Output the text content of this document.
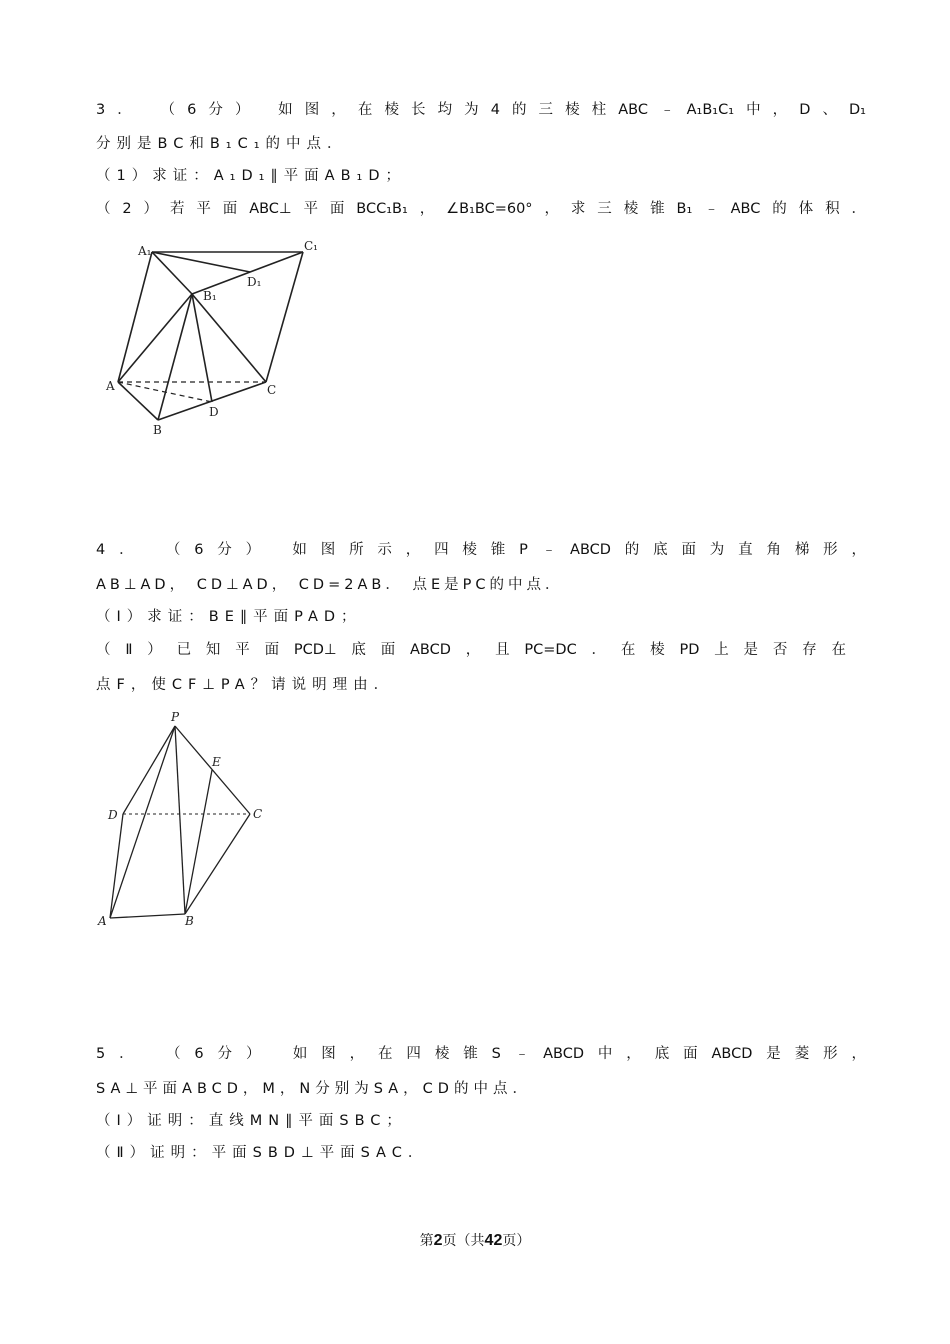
3． （6分） 如图，在棱长均为4的三棱柱ABC﹣A₁B₁C₁中，D、D₁
分别是BC和B₁C₁的中点．
（1）求证：A₁D₁∥平面AB₁D；
（2）若平面ABC⊥平面BCC₁B₁，∠B₁BC=60°，求三棱锥B₁﹣ABC的体积．
A₁	C₁
D₁
B₁
A	C
D
B
4． （6分） 如图所示，四棱锥P﹣ABCD的底面为直角梯形，
AB⊥AD， CD⊥AD， CD=2AB． 点E是PC的中点．
（Ⅰ）求证：BE∥平面PAD；
（Ⅱ）已知平面PCD⊥底面ABCD，且PC=DC．在棱PD上是否存在
点F，使CF⊥PA？请说明理由．
P
E
D	C
A	B
5． （6分） 如图，在四棱锥S﹣ABCD中，底面ABCD是菱形，
SA⊥平面ABCD，M，N分别为SA，CD的中点．
（Ⅰ）证明：直线MN∥平面SBC；
（Ⅱ）证明：平面SBD⊥平面SAC．
第2页（共42页）
